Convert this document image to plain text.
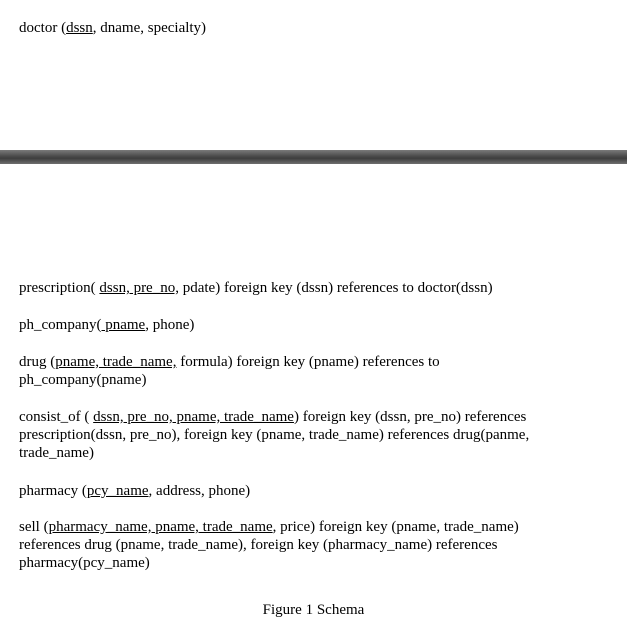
doctor (dssn, dname, specialty)

prescription( dssn, pre_no, pdate) foreign key (dssn) references to doctor(dssn)

ph_company( pname, phone)

drug (pname, trade_name, formula) foreign key (pname) references to
ph_company(pname)

consist_of ( dssn, pre_no, pname, trade_name) foreign key (dssn, pre_no) references
prescription(dssn, pre_no), foreign key (pname, trade_name) references drug(panme,
trade_name)

pharmacy (pcy_name, address, phone)

sell (pharmacy_name, pname, trade_name, price) foreign key (pname, trade_name)
references drug (pname, trade_name), foreign key (pharmacy_name) references
pharmacy(pcy_name)

Figure 1 Schema
